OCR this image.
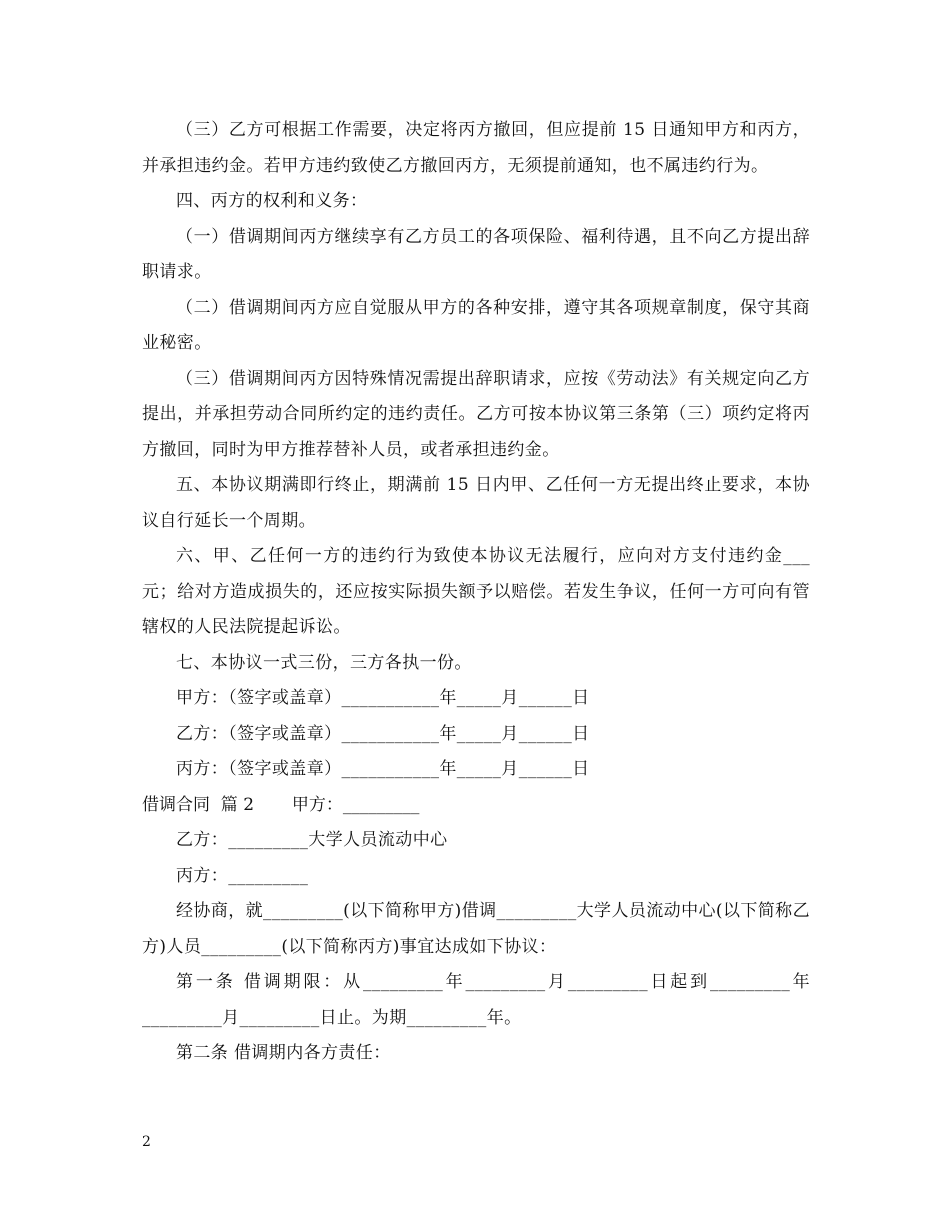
（三）乙方可根据工作需要，决定将丙方撤回，但应提前 15 日通知甲方和丙方，并承担违约金。若甲方违约致使乙方撤回丙方，无须提前通知，也不属违约行为。

四、丙方的权利和义务：

（一）借调期间丙方继续享有乙方员工的各项保险、福利待遇，且不向乙方提出辞职请求。

（二）借调期间丙方应自觉服从甲方的各种安排，遵守其各项规章制度，保守其商业秘密。

（三）借调期间丙方因特殊情况需提出辞职请求，应按《劳动法》有关规定向乙方提出，并承担劳动合同所约定的违约责任。乙方可按本协议第三条第（三）项约定将丙方撤回，同时为甲方推荐替补人员，或者承担违约金。

五、本协议期满即行终止，期满前 15 日内甲、乙任何一方无提出终止要求，本协议自行延长一个周期。

六、甲、乙任何一方的违约行为致使本协议无法履行，应向对方支付违约金___元；给对方造成损失的，还应按实际损失额予以赔偿。若发生争议，任何一方可向有管辖权的人民法院提起诉讼。

七、本协议一式三份，三方各执一份。

甲方：（签字或盖章）___________年_____月______日

乙方：（签字或盖章）___________年_____月______日

丙方：（签字或盖章）___________年_____月______日

借调合同  篇 2       甲方：_________

乙方：_________大学人员流动中心

丙方：_________

经协商，就_________(以下简称甲方)借调_________大学人员流动中心(以下简称乙方)人员_________(以下简称丙方)事宜达成如下协议：

第一条 借调期限：从_________年_________月_________日起到_________年_________月_________日止。为期_________年。

第二条 借调期内各方责任：

2
